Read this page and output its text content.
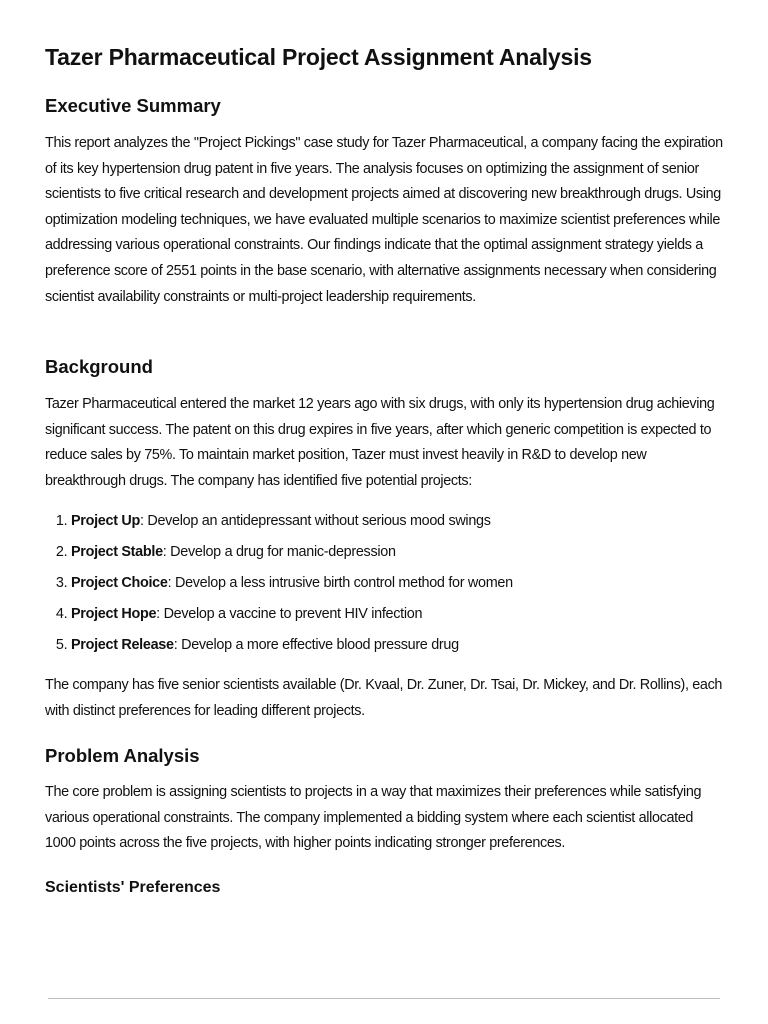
Tazer Pharmaceutical Project Assignment Analysis
Executive Summary

This report analyzes the "Project Pickings" case study for Tazer Pharmaceutical, a company facing the expiration of its key hypertension drug patent in five years. The analysis focuses on optimizing the assignment of senior scientists to five critical research and development projects aimed at discovering new breakthrough drugs. Using optimization modeling techniques, we have evaluated multiple scenarios to maximize scientist preferences while addressing various operational constraints. Our findings indicate that the optimal assignment strategy yields a preference score of 2551 points in the base scenario, with alternative assignments necessary when considering scientist availability constraints or multi-project leadership requirements.

Background

Tazer Pharmaceutical entered the market 12 years ago with six drugs, with only its hypertension drug achieving significant success. The patent on this drug expires in five years, after which generic competition is expected to reduce sales by 75%. To maintain market position, Tazer must invest heavily in R&D to develop new breakthrough drugs. The company has identified five potential projects:

1. Project Up: Develop an antidepressant without serious mood swings
2. Project Stable: Develop a drug for manic-depression
3. Project Choice: Develop a less intrusive birth control method for women
4. Project Hope: Develop a vaccine to prevent HIV infection
5. Project Release: Develop a more effective blood pressure drug

The company has five senior scientists available (Dr. Kvaal, Dr. Zuner, Dr. Tsai, Dr. Mickey, and Dr. Rollins), each with distinct preferences for leading different projects.

Problem Analysis

The core problem is assigning scientists to projects in a way that maximizes their preferences while satisfying various operational constraints. The company implemented a bidding system where each scientist allocated 1000 points across the five projects, with higher points indicating stronger preferences.

Scientists' Preferences
